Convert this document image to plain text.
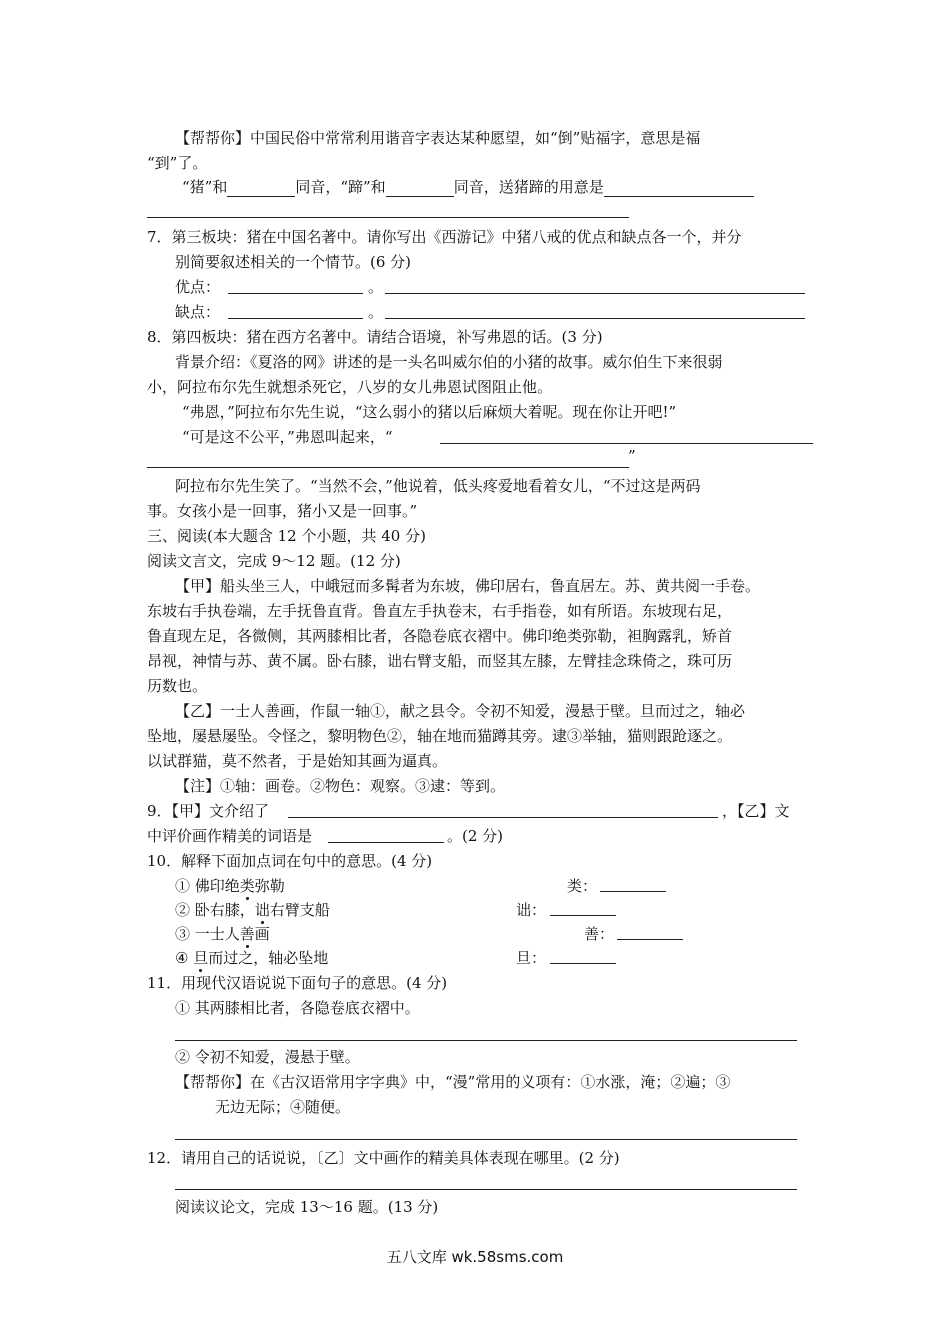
【帮帮你】中国民俗中常常利用谐音字表达某种愿望，如“倒”贴福字，意思是福
“到”了。
“猪”和	同音，“蹄”和	同音，送猪蹄的用意是
7．第三板块：猪在中国名著中。请你写出《西游记》中猪八戒的优点和缺点各一个，并分
别简要叙述相关的一个情节。(6 分)
优点：	。
缺点：	。
8．第四板块：猪在西方名著中。请结合语境，补写弗恩的话。(3 分)
背景介绍：《夏洛的网》讲述的是一头名叫威尔伯的小猪的故事。威尔伯生下来很弱
小，阿拉布尔先生就想杀死它，八岁的女儿弗恩试图阻止他。
“弗恩，”阿拉布尔先生说，“这么弱小的猪以后麻烦大着呢。现在你让开吧!”
“可是这不公平，”弗恩叫起来，“
”
阿拉布尔先生笑了。“当然不会，”他说着，低头疼爱地看着女儿，“不过这是两码
事。女孩小是一回事，猪小又是一回事。”
三、阅读(本大题含 12 个小题，共 40 分)
阅读文言文，完成 9～12 题。(12 分)
【甲】船头坐三人，中峨冠而多髯者为东坡，佛印居右，鲁直居左。苏、黄共阅一手卷。
东坡右手执卷端，左手抚鲁直背。鲁直左手执卷末，右手指卷，如有所语。东坡现右足，
鲁直现左足，各微侧，其两膝相比者，各隐卷底衣褶中。佛印绝类弥勒，袒胸露乳，矫首
昂视，神情与苏、黄不属。卧右膝，诎右臂支船，而竖其左膝，左臂挂念珠倚之，珠可历
历数也。
【乙】一士人善画，作鼠一轴①，献之县令。令初不知爱，漫悬于壁。旦而过之，轴必
坠地，屡悬屡坠。令怪之，黎明物色②，轴在地而猫蹲其旁。逮③举轴，猫则跟跄逐之。
以试群猫，莫不然者，于是始知其画为逼真。
【注】①轴：画卷。②物色：观察。③逮：等到。
9．【甲】文介绍了	，【乙】文
中评价画作精美的词语是	。(2 分)
10．解释下面加点词在句中的意思。(4 分)
① 佛印绝类弥勒	类：
② 卧右膝，诎右臂支船	诎：
③ 一士人善画	善：
④ 旦而过之，轴必坠地	旦：
11．用现代汉语说说下面句子的意思。(4 分)
① 其两膝相比者，各隐卷底衣褶中。
② 令初不知爱，漫悬于壁。
【帮帮你】在《古汉语常用字字典》中，“漫”常用的义项有：①水涨，淹；②遍；③
无边无际；④随便。
12．请用自己的话说说，〔乙〕文中画作的精美具体表现在哪里。(2 分)
阅读议论文，完成 13～16 题。(13 分)
五八文库 wk.58sms.com
